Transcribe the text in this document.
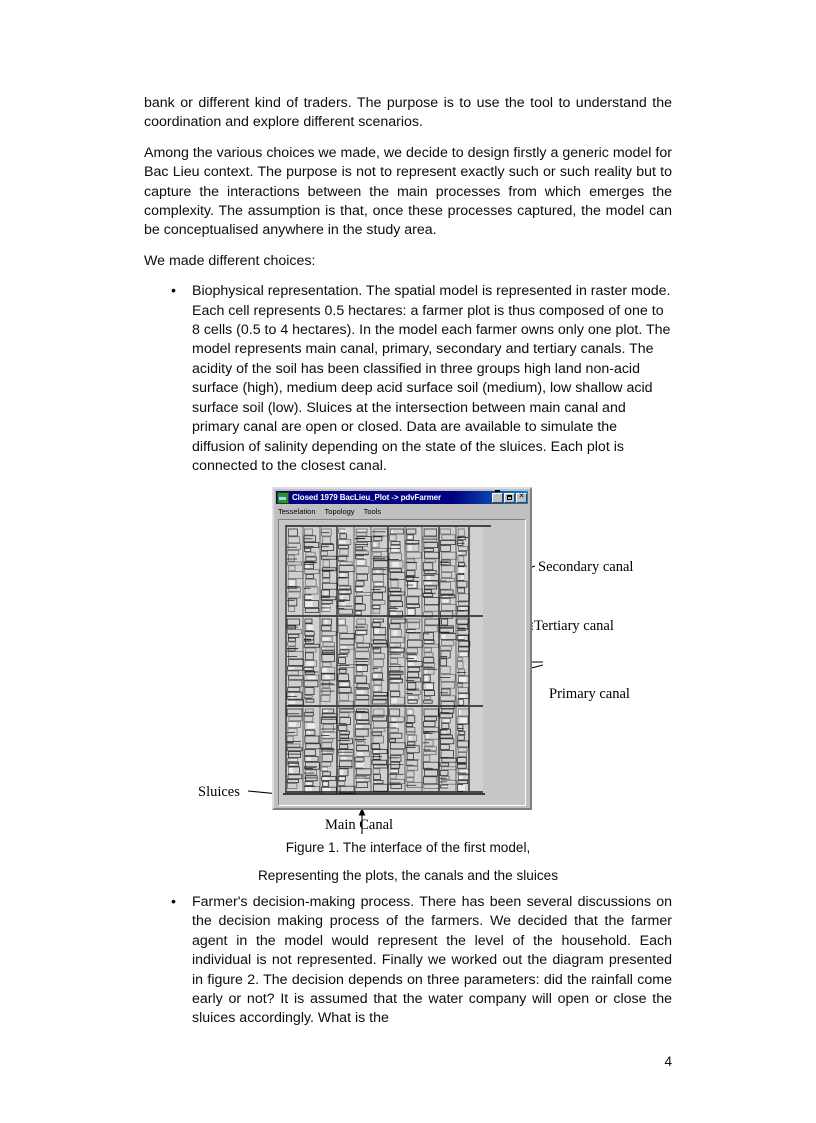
bank or different kind of traders. The purpose is to use the tool to understand the coordination and explore different scenarios.

Among the various choices we made, we decide to design firstly a generic model for Bac Lieu context. The purpose is not to represent exactly such or such reality but to capture the interactions between the main processes from which emerges the complexity. The assumption is that, once these processes captured, the model can be conceptualised anywhere in the study area.

We made different choices:

• Biophysical representation. The spatial model is represented in raster mode. Each cell represents 0.5 hectares: a farmer plot is thus composed of one to 8 cells (0.5 to 4 hectares). In the model each farmer owns only one plot. The model represents main canal, primary, secondary and tertiary canals. The acidity of the soil has been classified in three groups high land non-acid surface (high), medium deep acid surface soil (medium), low shallow acid surface soil (low). Sluices at the intersection between main canal and primary canal are open or closed. Data are available to simulate the diffusion of salinity depending on the state of the sluices. Each plot is connected to the closest canal.
Closed 1979 BacLieu_Plot -> pdvFarmer	✕
Tesselation Topology Tools
Secondary canal
Tertiary canal
Primary canal
Sluices
Main Canal
Figure 1. The interface of the first model,
Representing the plots, the canals and the sluices
• Farmer's decision-making process. There has been several discussions on the decision making process of the farmers. We decided that the farmer agent in the model would represent the level of the household. Each individual is not represented. Finally we worked out the diagram presented in figure 2. The decision depends on three parameters: did the rainfall come early or not? It is assumed that the water company will open or close the sluices accordingly. What is the
4
